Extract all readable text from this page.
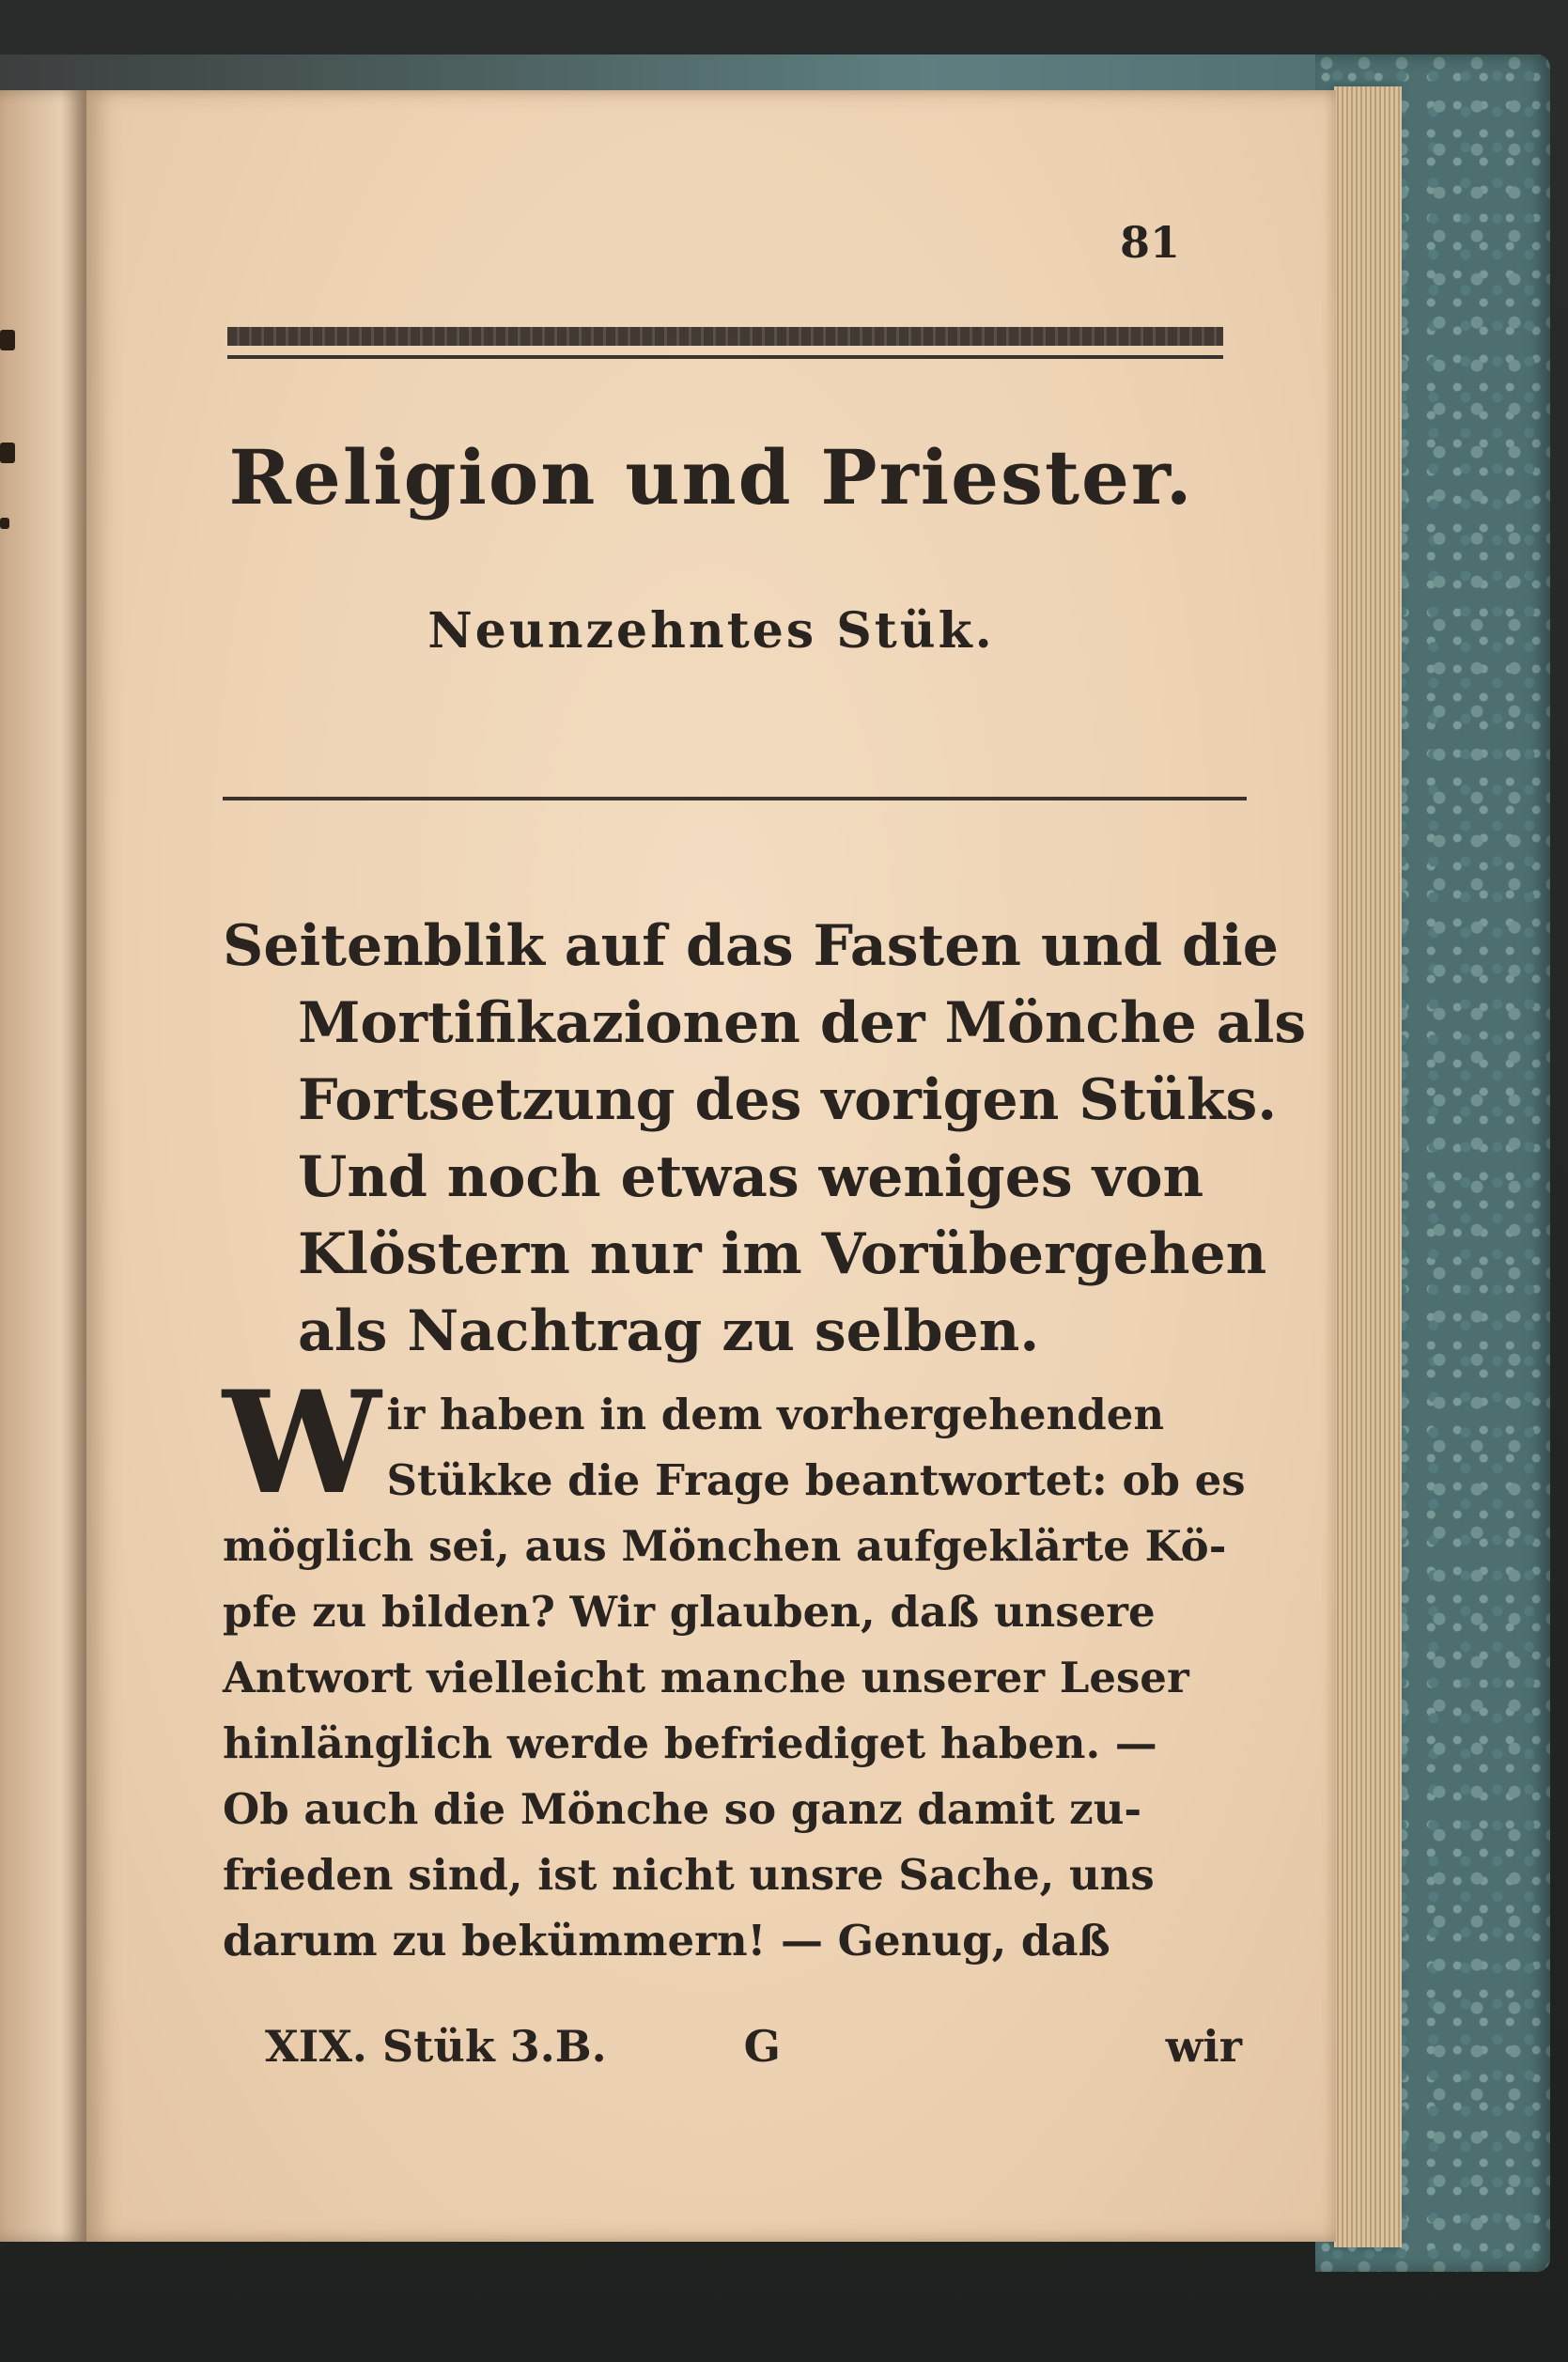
81
Religion und Priester.
Neunzehntes Stük.
Seitenblik auf das Fasten und die
Mortifikazionen der Mönche als
Fortsetzung des vorigen Stüks.
Und noch etwas weniges von
Klöstern nur im Vorübergehen
als Nachtrag zu selben.
W ir haben in dem vorhergehenden
Stükke die Frage beantwortet: ob es
möglich sei, aus Mönchen aufgeklärte Kö-
pfe zu bilden? Wir glauben, daß unsere
Antwort vielleicht manche unserer Leser
hinlänglich werde befriediget haben. —
Ob auch die Mönche so ganz damit zu-
frieden sind, ist nicht unsre Sache, uns
darum zu bekümmern! — Genug, daß
XIX. Stük 3.B.	G	wir
